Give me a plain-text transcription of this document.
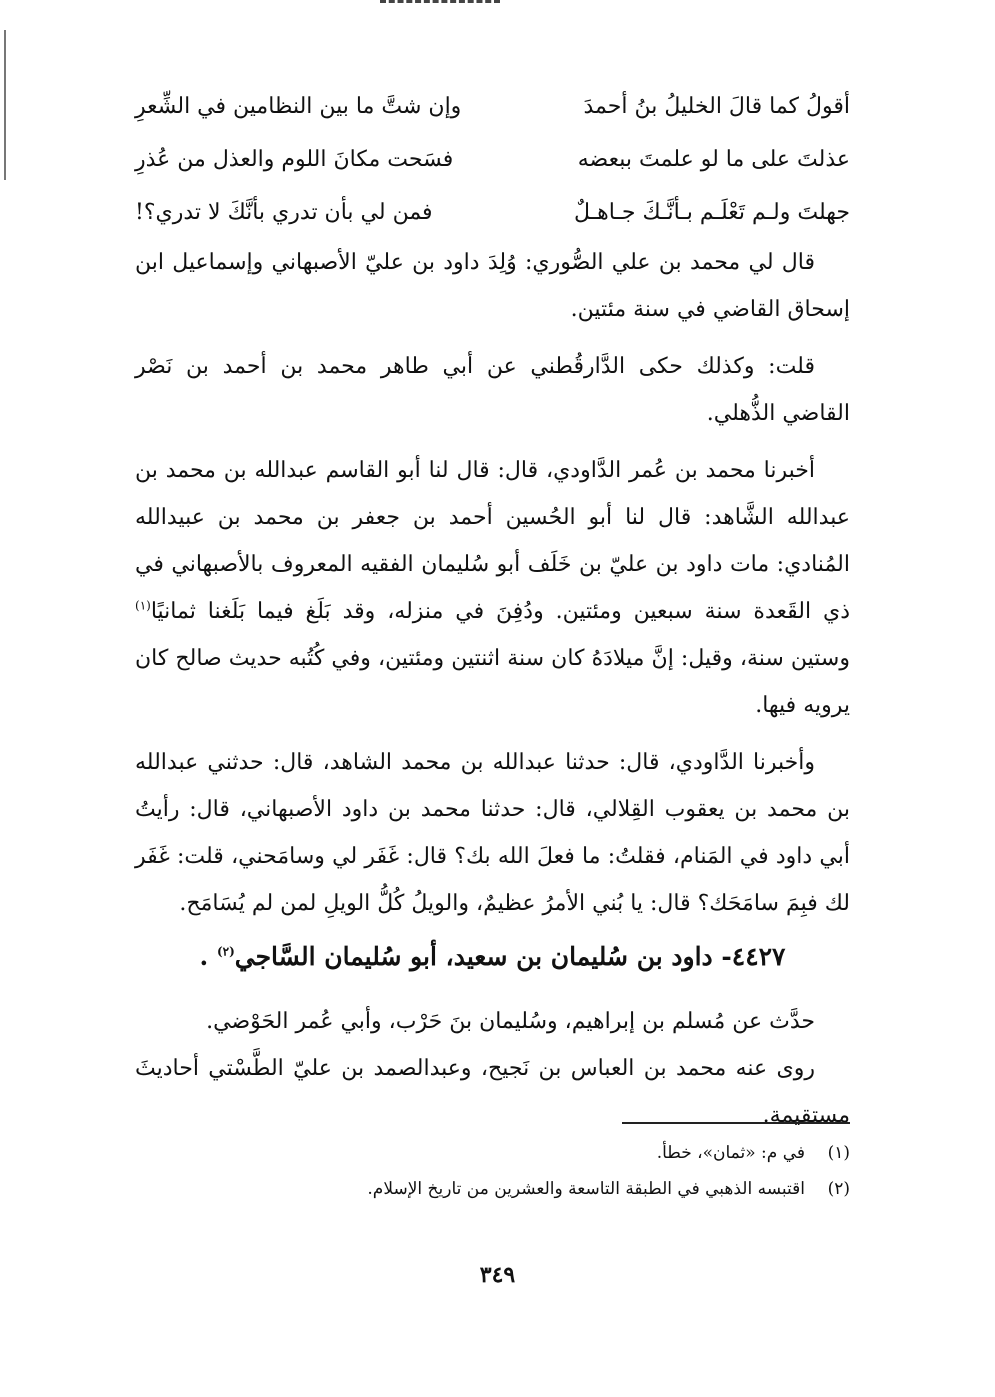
أقولُ كما قالَ الخليلُ بنُ أحمدَ
وإن شتَّ ما بين النظامين في الشِّعرِ
عذلتَ على ما لو علمتَ ببعضه
فسَحت مكانَ اللوم والعذل من عُذرِ
جهلتَ ولـم تَعْلَـم بـأنَّـكَ جـاهـلٌ
فمن لي بأن تدري بأنَّكَ لا تدري؟!

قال لي محمد بن علي الصُّوري: وُلِدَ داود بن عليّ الأصبهاني وإسماعيل ابن إسحاق القاضي في سنة مئتين.

قلت: وكذلك حكى الدَّارقُطني عن أبي طاهر محمد بن أحمد بن نَصْر القاضي الذُّهلي.

أخبرنا محمد بن عُمر الدَّاودي، قال: قال لنا أبو القاسم عبدالله بن محمد بن عبدالله الشَّاهد: قال لنا أبو الحُسين أحمد بن جعفر بن محمد بن عبيدالله المُنادي: مات داود بن عليّ بن خَلَف أبو سُليمان الفقيه المعروف بالأصبهاني في ذي القَعدة سنة سبعين ومئتين. ودُفِنَ في منزله، وقد بَلَغ فيما بَلَغنا ثمانيًا$^{(١)}$ وستين سنة، وقيل: إنَّ ميلادَهُ كان سنة اثنتين ومئتين، وفي كُتُبه حديث صالح كان يرويه فيها.

وأخبرنا الدَّاودي، قال: حدثنا عبدالله بن محمد الشاهد، قال: حدثني عبدالله بن محمد بن يعقوب القِلالي، قال: حدثنا محمد بن داود الأصبهاني، قال: رأيتُ أبي داود في المَنام، فقلتُ: ما فعلَ الله بك؟ قال: غَفَر لي وسامَحني، قلت: غَفَر لك فبِمَ سامَحَك؟ قال: يا بُني الأمرُ عظيمٌ، والويلُ كُلُّ الويلِ لمن لم يُسَامَح.

٤٤٢٧- داود بن سُليمان بن سعيد، أبو سُليمان السَّاجي$^{(٢)}$ .

حدَّث عن مُسلم بن إبراهيم، وسُليمان بنَ حَرْب، وأبي عُمر الحَوْضي.

روى عنه محمد بن العباس بن نَجيح، وعبدالصمد بن عليّ الطَّسْتي أحاديثَ مستقيمة.

(١)في م: «ثمان»، خطأ.
(٢)اقتبسه الذهبي في الطبقة التاسعة والعشرين من تاريخ الإسلام.
٣٤٩
